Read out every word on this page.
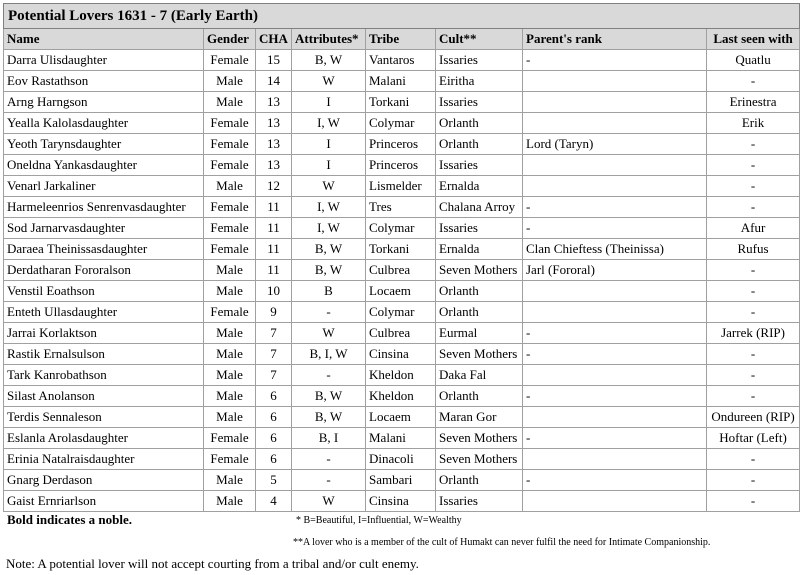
Potential Lovers 1631 - 7 (Early Earth)							
Name	Gender	CHA	Attributes*	Tribe	Cult**	Parent's rank	Last seen with
Darra Ulisdaughter	Female	15	B, W	Vantaros	Issaries	-	Quatlu
Eov Rastathson	Male	14	W	Malani	Eiritha		-
Arng Harngson	Male	13	I	Torkani	Issaries		Erinestra
Yealla Kalolasdaughter	Female	13	I, W	Colymar	Orlanth		Erik
Yeoth Tarynsdaughter	Female	13	I	Princeros	Orlanth	Lord (Taryn)	-
Oneldna Yankasdaughter	Female	13	I	Princeros	Issaries		-
Venarl Jarkaliner	Male	12	W	Lismelder	Ernalda		-
Harmeleenrios Senrenvasdaughter	Female	11	I, W	Tres	Chalana Arroy	-	-
Sod Jarnarvasdaughter	Female	11	I, W	Colymar	Issaries	-	Afur
Daraea Theinissasdaughter	Female	11	B, W	Torkani	Ernalda	Clan Chieftess (Theinissa)	Rufus
Derdatharan Fororalson	Male	11	B, W	Culbrea	Seven Mothers	Jarl (Fororal)	-
Venstil Eoathson	Male	10	B	Locaem	Orlanth		-
Enteth Ullasdaughter	Female	9	-	Colymar	Orlanth		-
Jarrai Korlaktson	Male	7	W	Culbrea	Eurmal	-	Jarrek (RIP)
Rastik Ernalsulson	Male	7	B, I, W	Cinsina	Seven Mothers	-	-
Tark Kanrobathson	Male	7	-	Kheldon	Daka Fal		-
Silast Anolanson	Male	6	B, W	Kheldon	Orlanth	-	-
Terdis Sennaleson	Male	6	B, W	Locaem	Maran Gor		Ondureen (RIP)
Eslanla Arolasdaughter	Female	6	B, I	Malani	Seven Mothers	-	Hoftar (Left)
Erinia Natalraisdaughter	Female	6	-	Dinacoli	Seven Mothers		-
Gnarg Derdason	Male	5	-	Sambari	Orlanth	-	-
Gaist Ernriarlson	Male	4	W	Cinsina	Issaries		-
Bold indicates a noble.	* B=Beautiful, I=Influential, W=Wealthy
**A lover who is a member of the cult of Humakt can never fulfil the need for Intimate Companionship.
Note: A potential lover will not accept courting from a tribal and/or cult enemy.
